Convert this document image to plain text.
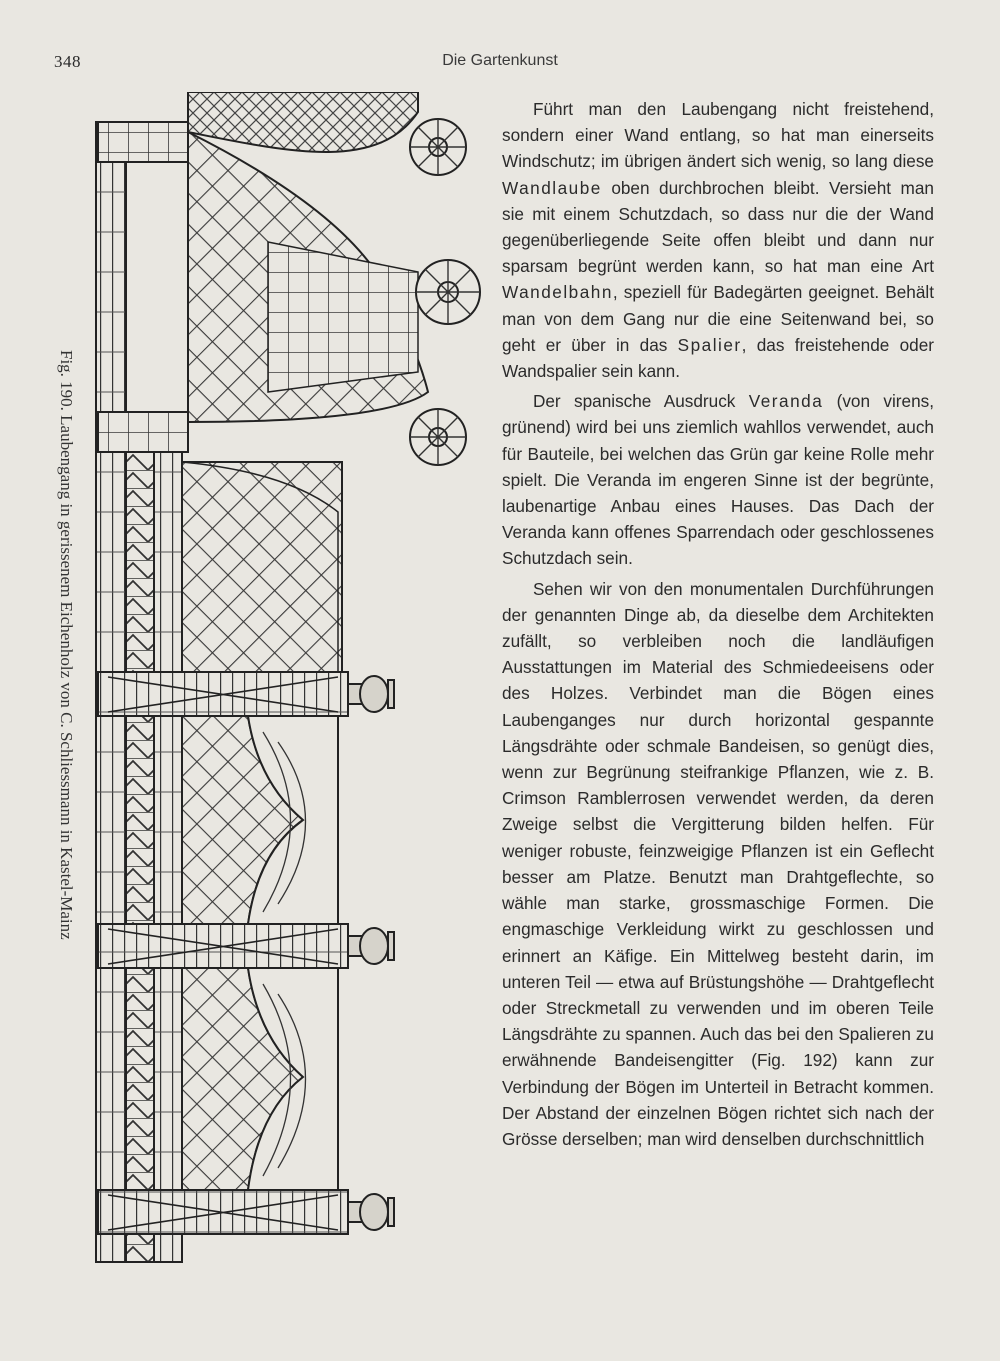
348	Die Gartenkunst
Fig. 190. Laubengang in gerissenem Eichenholz von C. Schliessmann in Kastel-Mainz

Führt man den Laubengang nicht freistehend, sondern einer Wand entlang, so hat man einerseits Windschutz; im übrigen ändert sich wenig, so lang diese Wandlaube oben durchbrochen bleibt. Versieht man sie mit einem Schutzdach, so dass nur die der Wand gegenüberliegende Seite offen bleibt und dann nur sparsam begrünt werden kann, so hat man eine Art Wandelbahn, speziell für Badegärten geeignet. Behält man von dem Gang nur die eine Seitenwand bei, so geht er über in das Spalier, das freistehende oder Wandspalier sein kann.

Der spanische Ausdruck Veranda (von virens, grünend) wird bei uns ziemlich wahllos verwendet, auch für Bauteile, bei welchen das Grün gar keine Rolle mehr spielt. Die Veranda im engeren Sinne ist der begrünte, laubenartige Anbau eines Hauses. Das Dach der Veranda kann offenes Sparrendach oder geschlossenes Schutzdach sein.

Sehen wir von den monumentalen Durchführungen der genannten Dinge ab, da dieselbe dem Architekten zufällt, so verbleiben noch die landläufigen Ausstattungen im Material des Schmiedeeisens oder des Holzes. Verbindet man die Bögen eines Laubenganges nur durch horizontal gespannte Längsdrähte oder schmale Bandeisen, so genügt dies, wenn zur Begrünung steifrankige Pflanzen, wie z. B. Crimson Ramblerrosen verwendet werden, da deren Zweige selbst die Vergitterung bilden helfen. Für weniger robuste, feinzweigige Pflanzen ist ein Geflecht besser am Platze. Benutzt man Drahtgeflechte, so wähle man starke, grossmaschige Formen. Die engmaschige Verkleidung wirkt zu geschlossen und erinnert an Käfige. Ein Mittelweg besteht darin, im unteren Teil — etwa auf Brüstungshöhe — Drahtgeflecht oder Streckmetall zu verwenden und im oberen Teile Längsdrähte zu spannen. Auch das bei den Spalieren zu erwähnende Bandeisengitter (Fig. 192) kann zur Verbindung der Bögen im Unterteil in Betracht kommen. Der Abstand der einzelnen Bögen richtet sich nach der Grösse derselben; man wird denselben durchschnittlich
